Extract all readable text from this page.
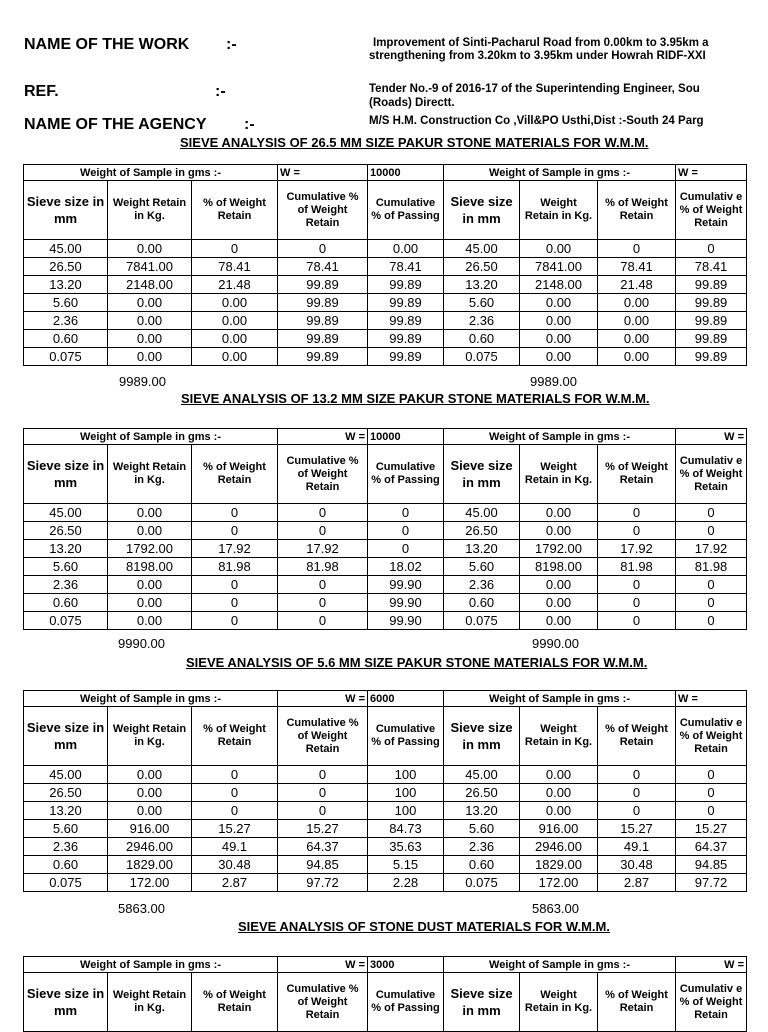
NAME OF THE WORK :-	Improvement of Sinti-Pacharul Road from 0.00km to 3.95km a
strengthening from 3.20km to 3.95km under Howrah RIDF-XXI
REF.	:-	Tender No.-9 of 2016-17 of the Superintending Engineer, Sou
(Roads) Directt.
NAME OF THE AGENCY :-	M/S H.M. Construction Co ,Vill&PO Usthi,Dist :-South 24 Parg
SIEVE ANALYSIS OF 26.5 MM SIZE PAKUR STONE MATERIALS FOR W.M.M.
Weight of Sample in gms :-			W =	10000	Weight of Sample in gms :-			W =
Sieve size in mm	Weight Retain in Kg.	% of Weight Retain	Cumulative % of Weight Retain	Cumulative % of Passing	Sieve size in mm	Weight Retain in Kg.	% of Weight Retain	Cumulativ e % of Weight Retain
45.00	0.00	0	0	0.00	45.00	0.00	0	0
26.50	7841.00	78.41	78.41	78.41	26.50	7841.00	78.41	78.41
13.20	2148.00	21.48	99.89	99.89	13.20	2148.00	21.48	99.89
5.60	0.00	0.00	99.89	99.89	5.60	0.00	0.00	99.89
2.36	0.00	0.00	99.89	99.89	2.36	0.00	0.00	99.89
0.60	0.00	0.00	99.89	99.89	0.60	0.00	0.00	99.89
0.075	0.00	0.00	99.89	99.89	0.075	0.00	0.00	99.89
9989.00	9989.00
SIEVE ANALYSIS OF 13.2 MM SIZE PAKUR STONE MATERIALS FOR W.M.M.
Weight of Sample in gms :-			W =	10000	Weight of Sample in gms :-			W =
Sieve size in mm	Weight Retain in Kg.	% of Weight Retain	Cumulative % of Weight Retain	Cumulative % of Passing	Sieve size in mm	Weight Retain in Kg.	% of Weight Retain	Cumulativ e % of Weight Retain
45.00	0.00	0	0	0	45.00	0.00	0	0
26.50	0.00	0	0	0	26.50	0.00	0	0
13.20	1792.00	17.92	17.92	0	13.20	1792.00	17.92	17.92
5.60	8198.00	81.98	81.98	18.02	5.60	8198.00	81.98	81.98
2.36	0.00	0	0	99.90	2.36	0.00	0	0
0.60	0.00	0	0	99.90	0.60	0.00	0	0
0.075	0.00	0	0	99.90	0.075	0.00	0	0
9990.00	9990.00
SIEVE ANALYSIS OF 5.6 MM SIZE PAKUR STONE MATERIALS FOR W.M.M.
Weight of Sample in gms :-			W =	6000	Weight of Sample in gms :-			W =
Sieve size in mm	Weight Retain in Kg.	% of Weight Retain	Cumulative % of Weight Retain	Cumulative % of Passing	Sieve size in mm	Weight Retain in Kg.	% of Weight Retain	Cumulativ e % of Weight Retain
45.00	0.00	0	0	100	45.00	0.00	0	0
26.50	0.00	0	0	100	26.50	0.00	0	0
13.20	0.00	0	0	100	13.20	0.00	0	0
5.60	916.00	15.27	15.27	84.73	5.60	916.00	15.27	15.27
2.36	2946.00	49.1	64.37	35.63	2.36	2946.00	49.1	64.37
0.60	1829.00	30.48	94.85	5.15	0.60	1829.00	30.48	94.85
0.075	172.00	2.87	97.72	2.28	0.075	172.00	2.87	97.72
5863.00	5863.00
SIEVE ANALYSIS OF STONE DUST MATERIALS FOR W.M.M.
Weight of Sample in gms :-			W =	3000	Weight of Sample in gms :-			W =
Sieve size in mm	Weight Retain in Kg.	% of Weight Retain	Cumulative % of Weight Retain	Cumulative % of Passing	Sieve size in mm	Weight Retain in Kg.	% of Weight Retain	Cumulativ e % of Weight Retain
